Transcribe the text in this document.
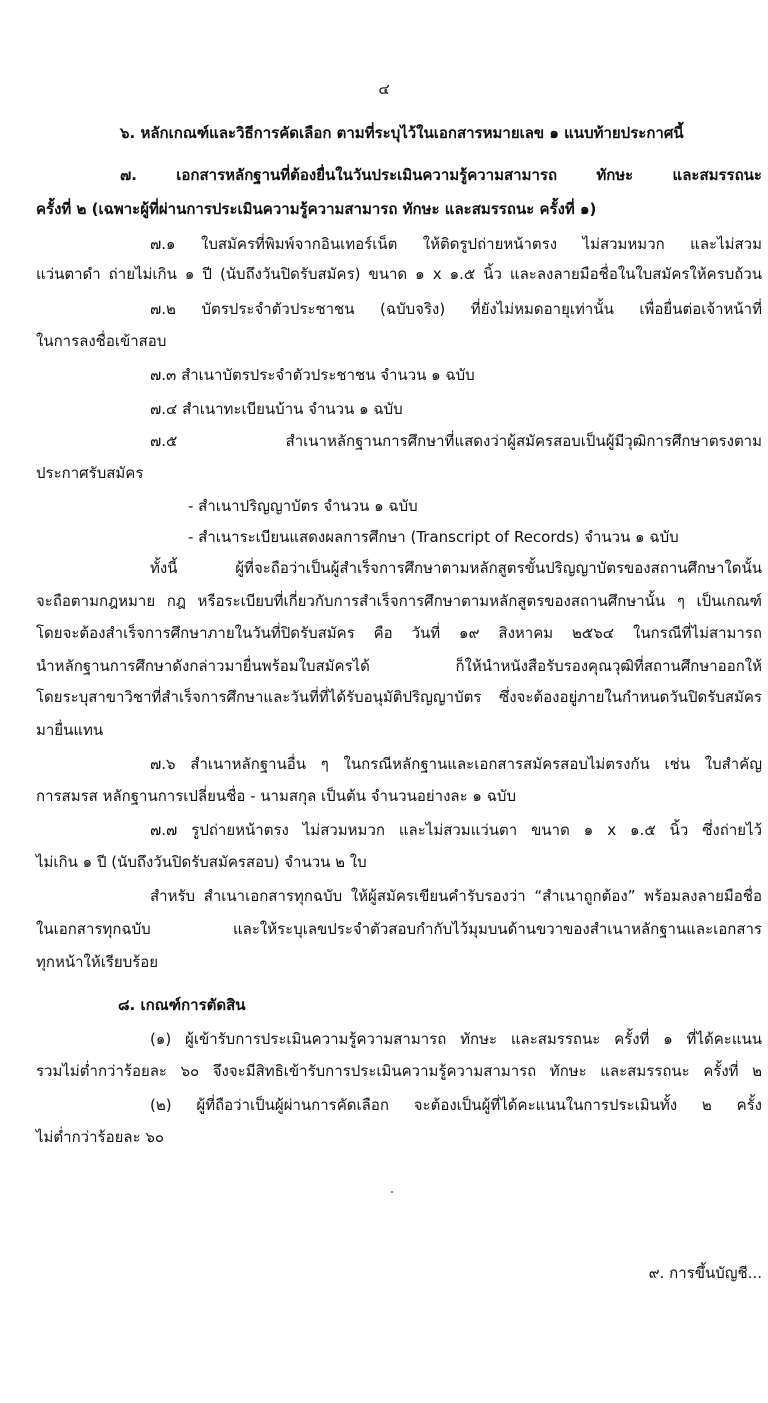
๔
๖. หลักเกณฑ์และวิธีการคัดเลือก ตามที่ระบุไว้ในเอกสารหมายเลข ๑ แนบท้ายประกาศนี้
๗. เอกสารหลักฐานที่ต้องยื่นในวันประเมินความรู้ความสามารถ ทักษะ และสมรรถนะ
ครั้งที่ ๒ (เฉพาะผู้ที่ผ่านการประเมินความรู้ความสามารถ ทักษะ และสมรรถนะ ครั้งที่ ๑)
๗.๑ ใบสมัครที่พิมพ์จากอินเทอร์เน็ต ให้ติดรูปถ่ายหน้าตรง ไม่สวมหมวก และไม่สวม
แว่นตาดำ ถ่ายไม่เกิน ๑ ปี (นับถึงวันปิดรับสมัคร) ขนาด ๑ x ๑.๕ นิ้ว และลงลายมือชื่อในใบสมัครให้ครบถ้วน
๗.๒ บัตรประจำตัวประชาชน (ฉบับจริง) ที่ยังไม่หมดอายุเท่านั้น เพื่อยื่นต่อเจ้าหน้าที่
ในการลงชื่อเข้าสอบ
๗.๓ สำเนาบัตรประจำตัวประชาชน จำนวน ๑ ฉบับ
๗.๔ สำเนาทะเบียนบ้าน จำนวน ๑ ฉบับ
๗.๕ สำเนาหลักฐานการศึกษาที่แสดงว่าผู้สมัครสอบเป็นผู้มีวุฒิการศึกษาตรงตาม
ประกาศรับสมัคร
- สำเนาปริญญาบัตร จำนวน ๑ ฉบับ
- สำเนาระเบียนแสดงผลการศึกษา (Transcript of Records) จำนวน ๑ ฉบับ
ทั้งนี้ ผู้ที่จะถือว่าเป็นผู้สำเร็จการศึกษาตามหลักสูตรขั้นปริญญาบัตรของสถานศึกษาใดนั้น
จะถือตามกฎหมาย กฎ หรือระเบียบที่เกี่ยวกับการสำเร็จการศึกษาตามหลักสูตรของสถานศึกษานั้น ๆ เป็นเกณฑ์
โดยจะต้องสำเร็จการศึกษาภายในวันที่ปิดรับสมัคร คือ วันที่ ๑๙ สิงหาคม ๒๕๖๔ ในกรณีที่ไม่สามารถ
นำหลักฐานการศึกษาดังกล่าวมายื่นพร้อมใบสมัครได้ ก็ให้นำหนังสือรับรองคุณวุฒิที่สถานศึกษาออกให้
โดยระบุสาขาวิชาที่สำเร็จการศึกษาและวันที่ที่ได้รับอนุมัติปริญญาบัตร ซึ่งจะต้องอยู่ภายในกำหนดวันปิดรับสมัคร
มายื่นแทน
๗.๖ สำเนาหลักฐานอื่น ๆ ในกรณีหลักฐานและเอกสารสมัครสอบไม่ตรงกัน เช่น ใบสำคัญ
การสมรส หลักฐานการเปลี่ยนชื่อ - นามสกุล เป็นต้น จำนวนอย่างละ ๑ ฉบับ
๗.๗ รูปถ่ายหน้าตรง ไม่สวมหมวก และไม่สวมแว่นตา ขนาด ๑ x ๑.๕ นิ้ว ซึ่งถ่ายไว้
ไม่เกิน ๑ ปี (นับถึงวันปิดรับสมัครสอบ) จำนวน ๒ ใบ
สำหรับ สำเนาเอกสารทุกฉบับ ให้ผู้สมัครเขียนคำรับรองว่า “สำเนาถูกต้อง” พร้อมลงลายมือชื่อ
ในเอกสารทุกฉบับ และให้ระบุเลขประจำตัวสอบกำกับไว้มุมบนด้านขวาของสำเนาหลักฐานและเอกสาร
ทุกหน้าให้เรียบร้อย
๘. เกณฑ์การตัดสิน
(๑) ผู้เข้ารับการประเมินความรู้ความสามารถ ทักษะ และสมรรถนะ ครั้งที่ ๑ ที่ได้คะแนน
รวมไม่ต่ำกว่าร้อยละ ๖๐ จึงจะมีสิทธิเข้ารับการประเมินความรู้ความสามารถ ทักษะ และสมรรถนะ ครั้งที่ ๒
(๒) ผู้ที่ถือว่าเป็นผู้ผ่านการคัดเลือก จะต้องเป็นผู้ที่ได้คะแนนในการประเมินทั้ง ๒ ครั้ง
ไม่ต่ำกว่าร้อยละ ๖๐
๙. การขึ้นบัญชี...
